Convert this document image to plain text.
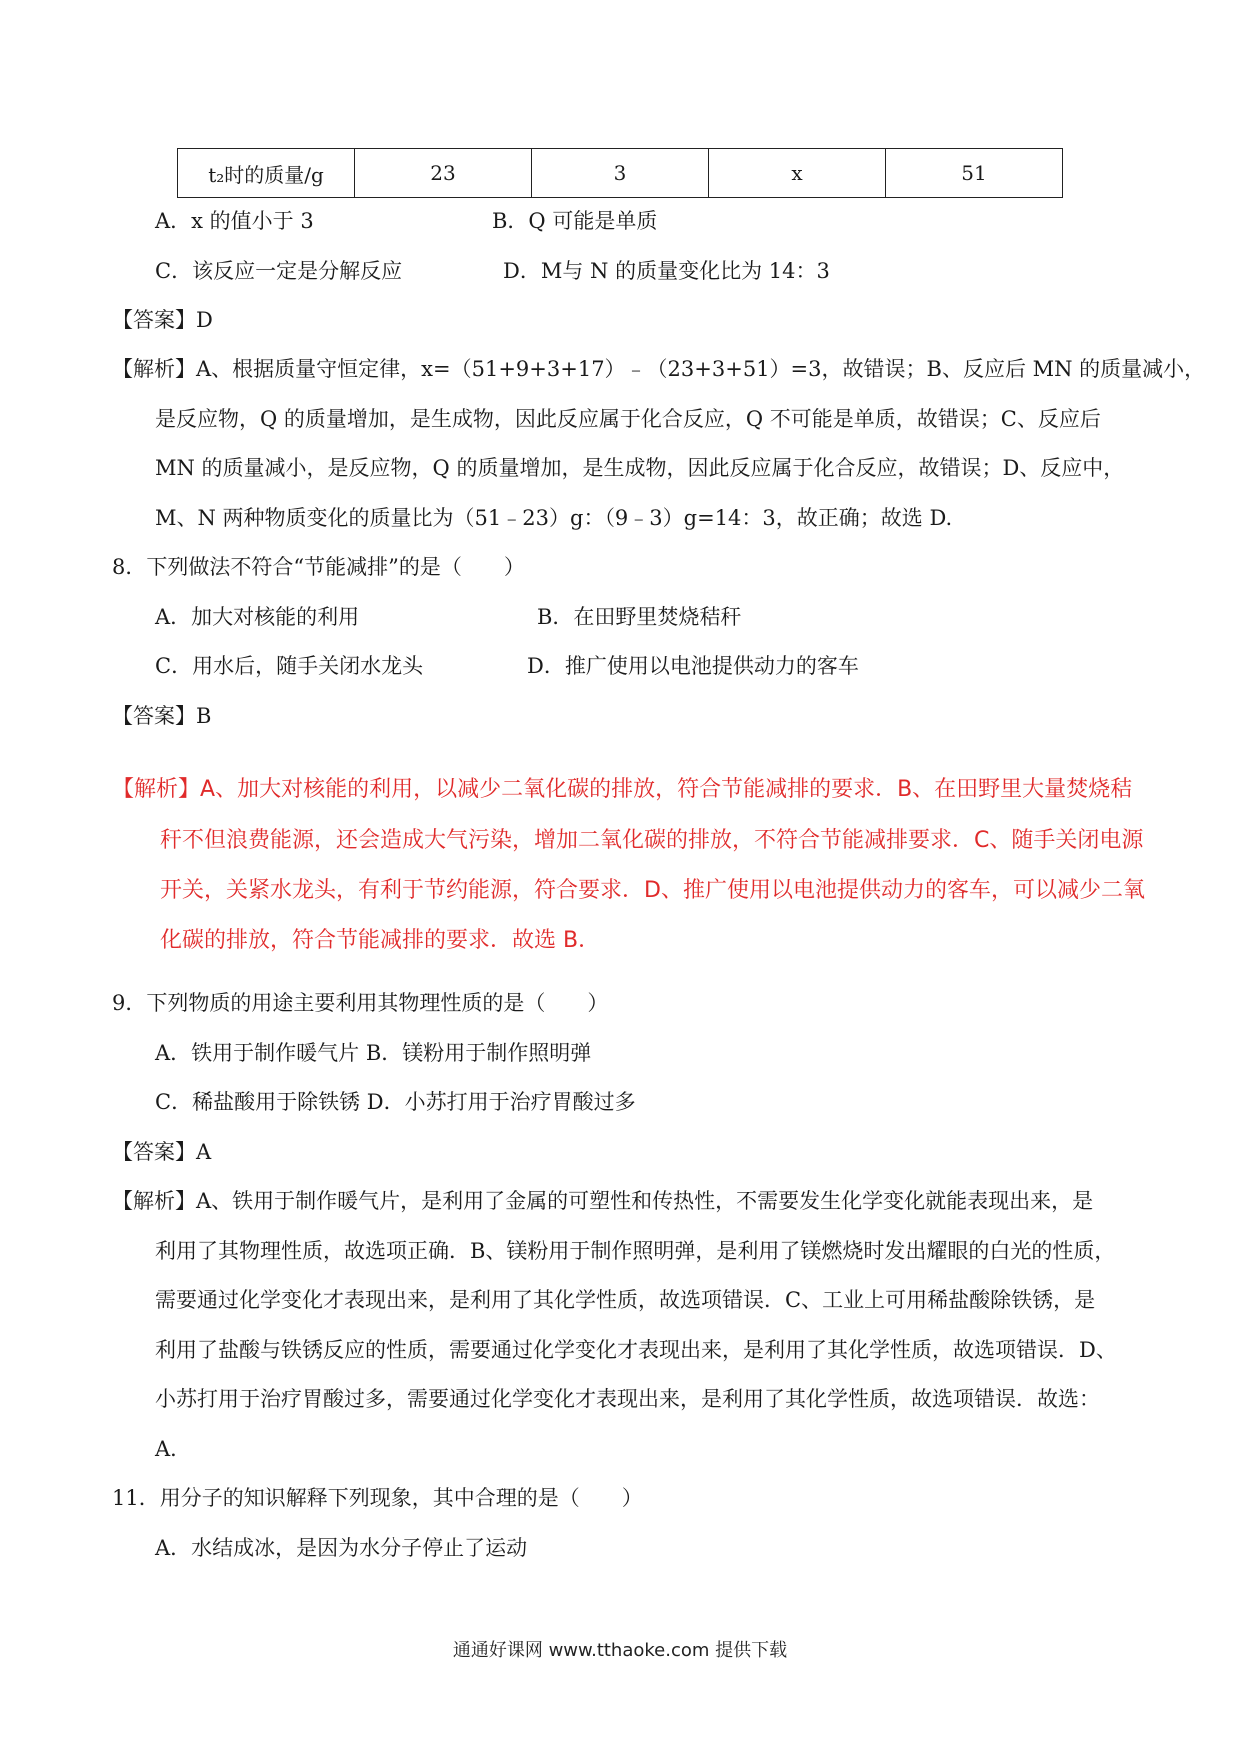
t₂时的质量/g	23	3	x	51
A．x 的值小于 3	B．Q 可能是单质
C．该反应一定是分解反应	D．M与 N 的质量变化比为 14：3
【答案】D
【解析】A、根据质量守恒定律，x=（51+9+3+17）﹣（23+3+51）=3，故错误；B、反应后 MN 的质量减小，
是反应物，Q 的质量增加，是生成物，因此反应属于化合反应，Q 不可能是单质，故错误；C、反应后
MN 的质量减小，是反应物，Q 的质量增加，是生成物，因此反应属于化合反应，故错误；D、反应中，
M、N 两种物质变化的质量比为（51﹣23）g：（9﹣3）g=14：3，故正确；故选 D.
8．下列做法不符合“节能减排”的是（　　）
A．加大对核能的利用	B．在田野里焚烧秸秆
C．用水后，随手关闭水龙头	D．推广使用以电池提供动力的客车
【答案】B
【解析】A、加大对核能的利用，以减少二氧化碳的排放，符合节能减排的要求．B、在田野里大量焚烧秸
秆不但浪费能源，还会造成大气污染，增加二氧化碳的排放，不符合节能减排要求．C、随手关闭电源
开关，关紧水龙头，有利于节约能源，符合要求．D、推广使用以电池提供动力的客车，可以减少二氧
化碳的排放，符合节能减排的要求．故选 B．
9．下列物质的用途主要利用其物理性质的是（　　）
A．铁用于制作暖气片 B．镁粉用于制作照明弹
C．稀盐酸用于除铁锈 D．小苏打用于治疗胃酸过多
【答案】A
【解析】A、铁用于制作暖气片，是利用了金属的可塑性和传热性，不需要发生化学变化就能表现出来，是
利用了其物理性质，故选项正确．B、镁粉用于制作照明弹，是利用了镁燃烧时发出耀眼的白光的性质，
需要通过化学变化才表现出来，是利用了其化学性质，故选项错误．C、工业上可用稀盐酸除铁锈，是
利用了盐酸与铁锈反应的性质，需要通过化学变化才表现出来，是利用了其化学性质，故选项错误．D、
小苏打用于治疗胃酸过多，需要通过化学变化才表现出来，是利用了其化学性质，故选项错误．故选：
A．
11．用分子的知识解释下列现象，其中合理的是（　　）
A．水结成冰，是因为水分子停止了运动
通通好课网 www.tthaoke.com 提供下载
